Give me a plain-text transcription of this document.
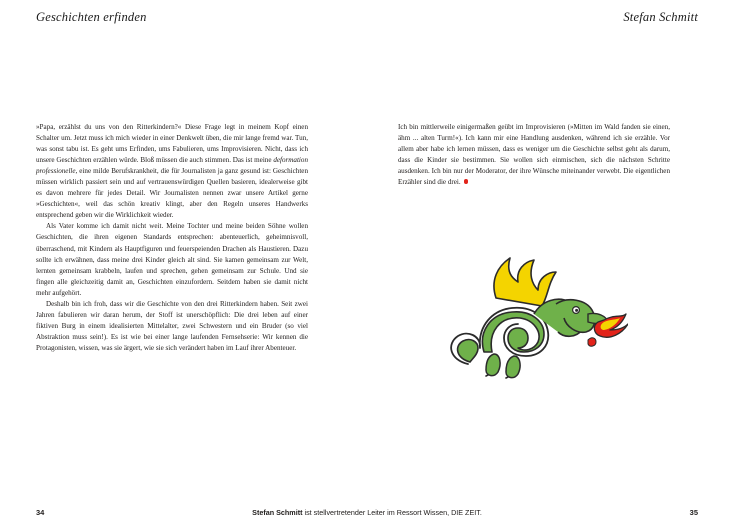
Geschichten erfinden	Stefan Schmitt

»Papa, erzählst du uns von den Ritterkindern?« Diese Frage legt in meinem Kopf einen Schalter um. Jetzt muss ich mich wieder in einer Denkwelt üben, die mir lange fremd war. Tun, was sonst tabu ist. Es geht ums Erfinden, ums Fabulieren, ums Improvisieren. Nicht, dass ich unsere Geschichten erzählen würde. Bloß müssen die auch stimmen. Das ist meine deformation professionelle, eine milde Berufskrankheit, die für Journalisten ja ganz gesund ist: Geschichten müssen wirklich passiert sein und auf vertrauenswürdigen Quellen basieren, idealerweise gibt es davon mehrere für jedes Detail. Wir Journalisten nennen zwar unsere Artikel gerne »Geschichten«, weil das schön kreativ klingt, aber den Regeln unseres Handwerks entsprechend geben wir die Wirklichkeit wieder.

Als Vater komme ich damit nicht weit. Meine Tochter und meine beiden Söhne wollen Geschichten, die ihren eigenen Standards entsprechen: abenteuerlich, geheimnisvoll, überraschend, mit Kindern als Hauptfiguren und feuerspeienden Drachen als Haustieren. Dazu sollte ich erwähnen, dass meine drei Kinder gleich alt sind. Sie kamen gemeinsam zur Welt, lernten gemeinsam krabbeln, laufen und sprechen, gehen gemeinsam zur Schule. Und sie fingen alle gleichzeitig damit an, Geschichten einzufordern. Seitdem haben sie damit nicht mehr aufgehört.

Deshalb bin ich froh, dass wir die Geschichte von den drei Ritterkindern haben. Seit zwei Jahren fabulieren wir daran herum, der Stoff ist unerschöpflich: Die drei leben auf einer fiktiven Burg in einem idealisierten Mittelalter, zwei Schwestern und ein Bruder (so viel Abstraktion muss sein!). Es ist wie bei einer lange laufenden Fernsehserie: Wir kennen die Protagonisten, wissen, was sie ärgert, wie sie sich verändert haben im Lauf ihrer Abenteuer.

Ich bin mittlerweile einigermaßen geübt im Improvisieren (»Mitten im Wald fanden sie einen, ähm ... alten Turm!«). Ich kann mir eine Handlung ausdenken, während ich sie erzähle. Vor allem aber habe ich lernen müssen, dass es weniger um die Geschichte selbst geht als darum, dass die Kinder sie bestimmen. Sie wollen sich einmischen, sich die nächsten Schritte ausdenken. Ich bin nur der Moderator, der ihre Wünsche miteinander verwebt. Die eigentlichen Erzähler sind die drei.

34	35
Stefan Schmitt ist stellvertretender Leiter im Ressort Wissen, DIE ZEIT.
